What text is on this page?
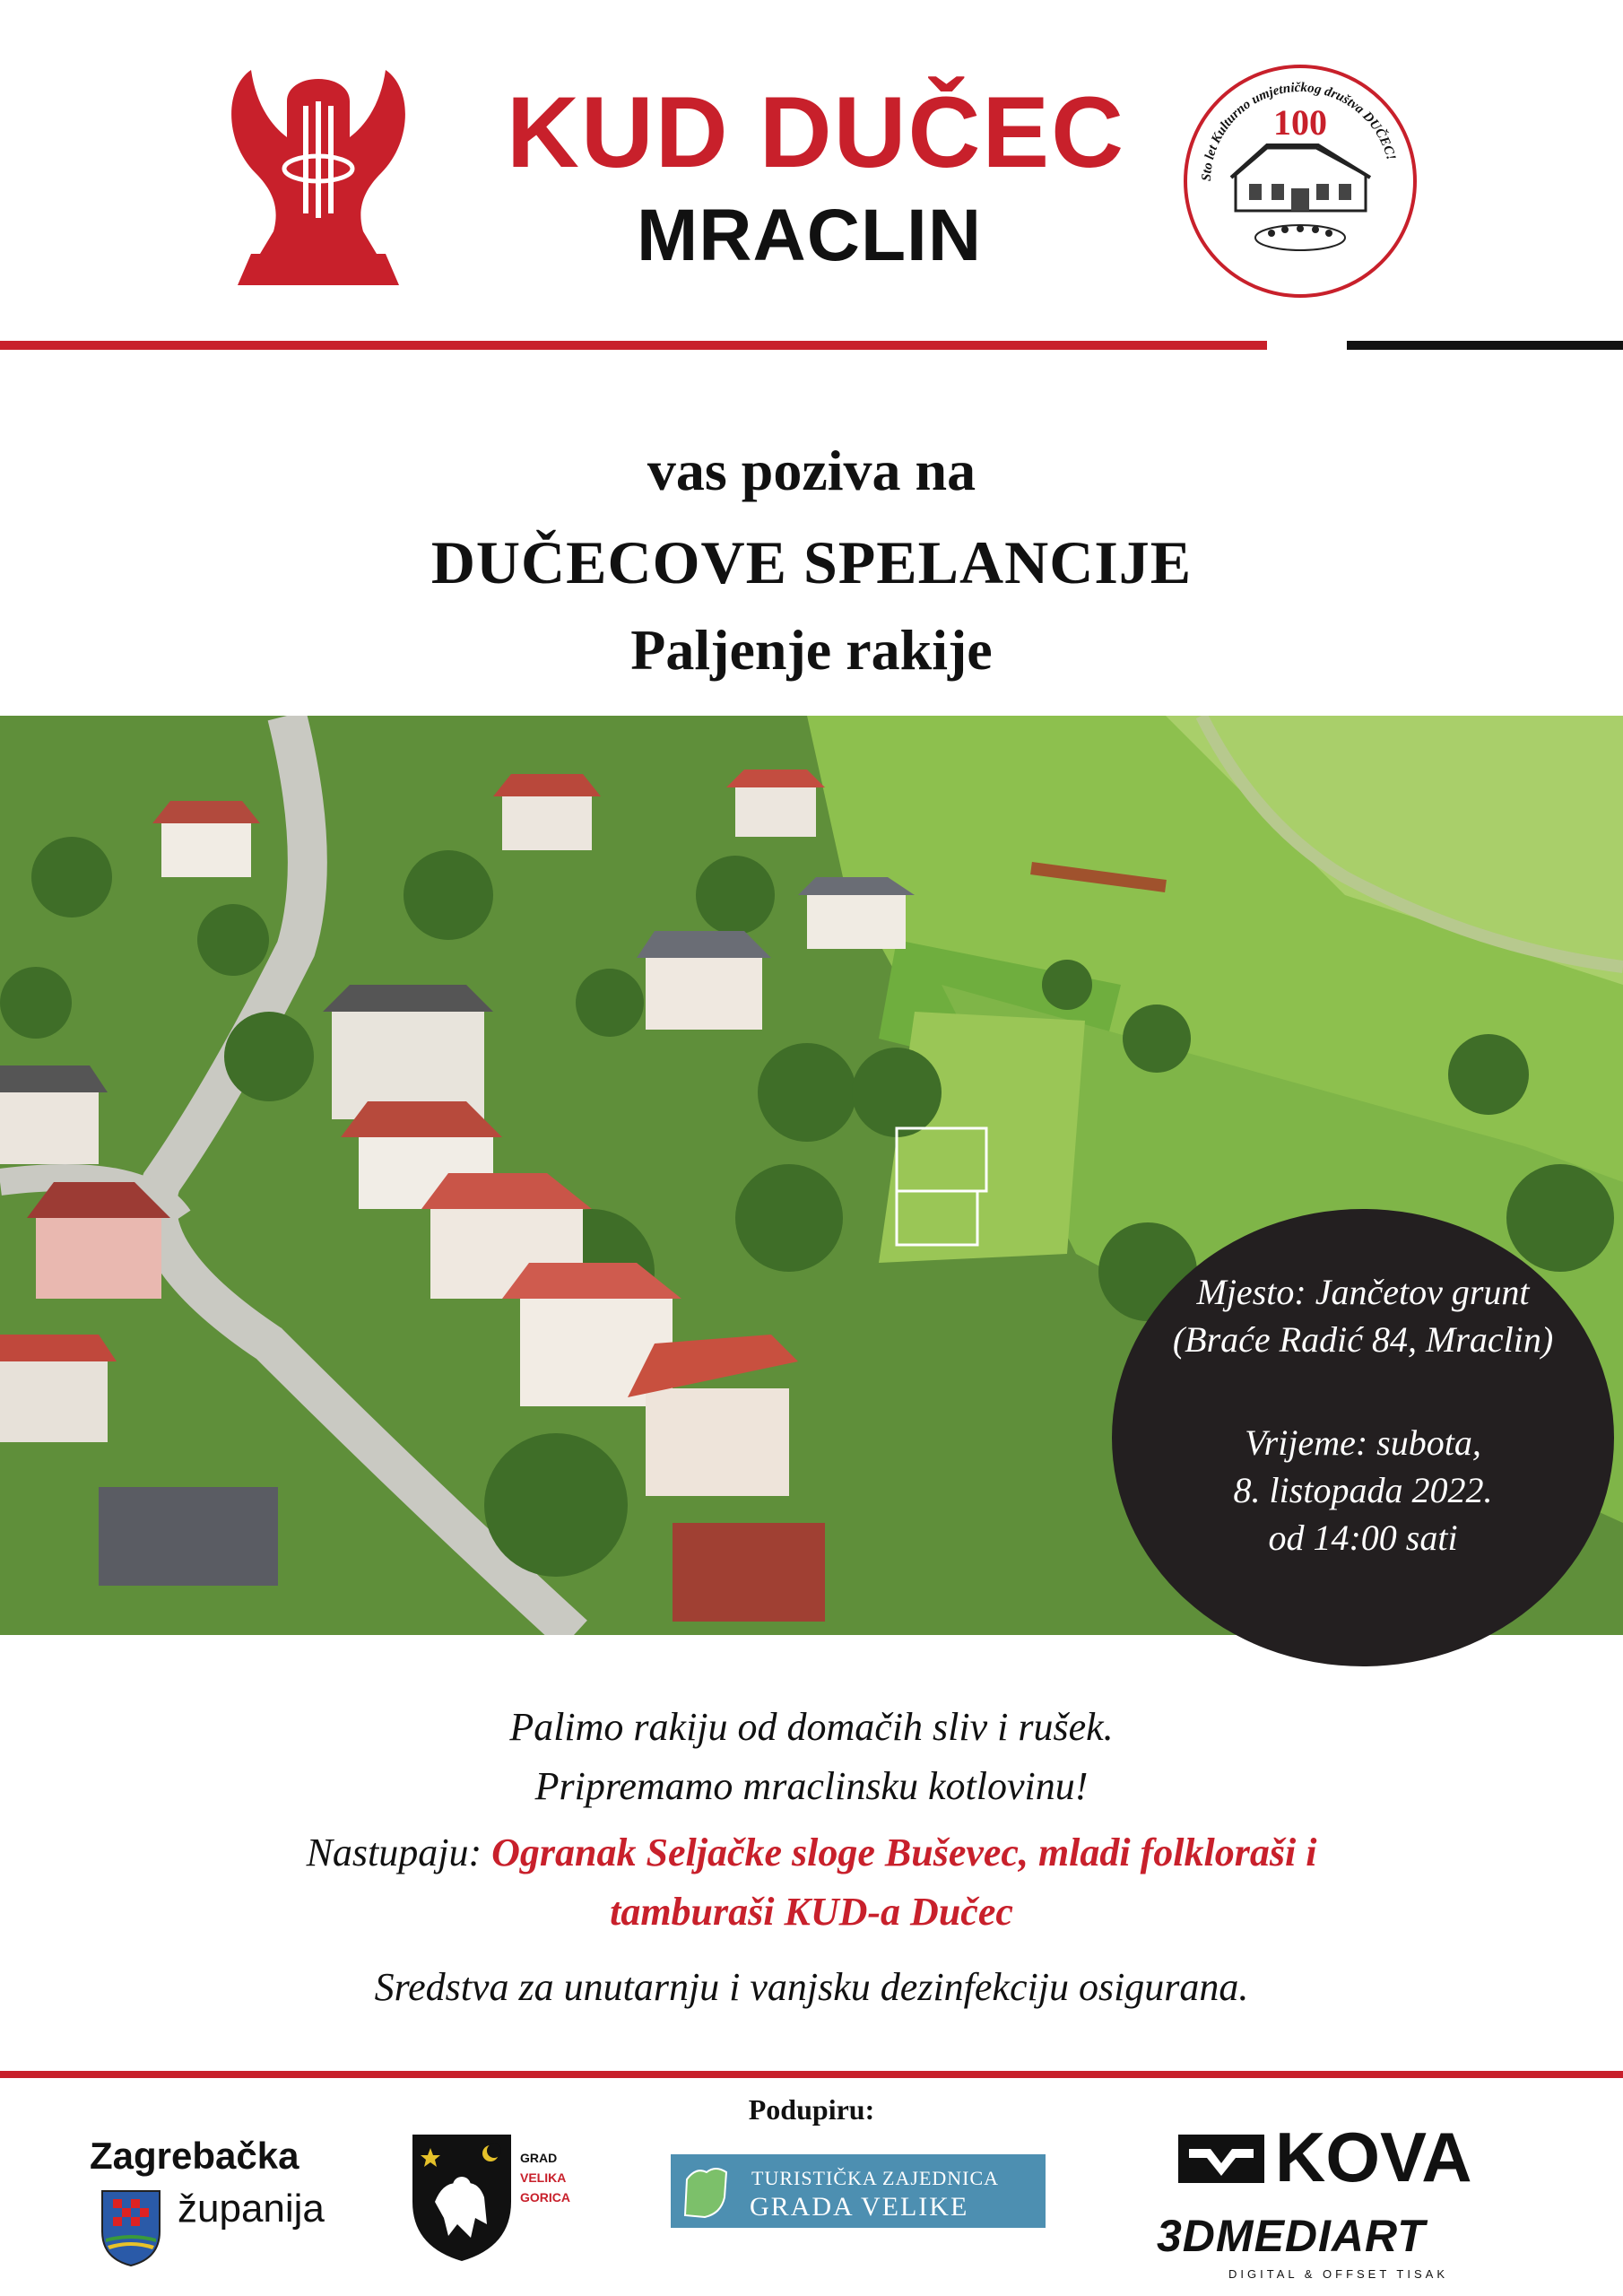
KUD DUČEC
MRACLIN
Sto let Kulturno umjetničkog društva DUČEC!
100
vas poziva na
DUČECOVE SPELANCIJE
Paljenje rakije
Mjesto: Jančetov grunt
(Braće Radić 84, Mraclin)
Vrijeme: subota,
8. listopada 2022.
od 14:00 sati
Palimo rakiju od domačih sliv i rušek.
Pripremamo mraclinsku kotlovinu!
Nastupaju: Ogranak Seljačke sloge Buševec, mladi folkloraši i
tamburaši KUD-a Dučec
Sredstva za unutarnju i vanjsku dezinfekciju osigurana.
Podupiru:
Zagrebačka
županija
GRAD
VELIKA
GORICA
TURISTIČKA ZAJEDNICA
GRADA VELIKE GORICE
KOVA
3DMEDIART
DIGITAL & OFFSET TISAK
